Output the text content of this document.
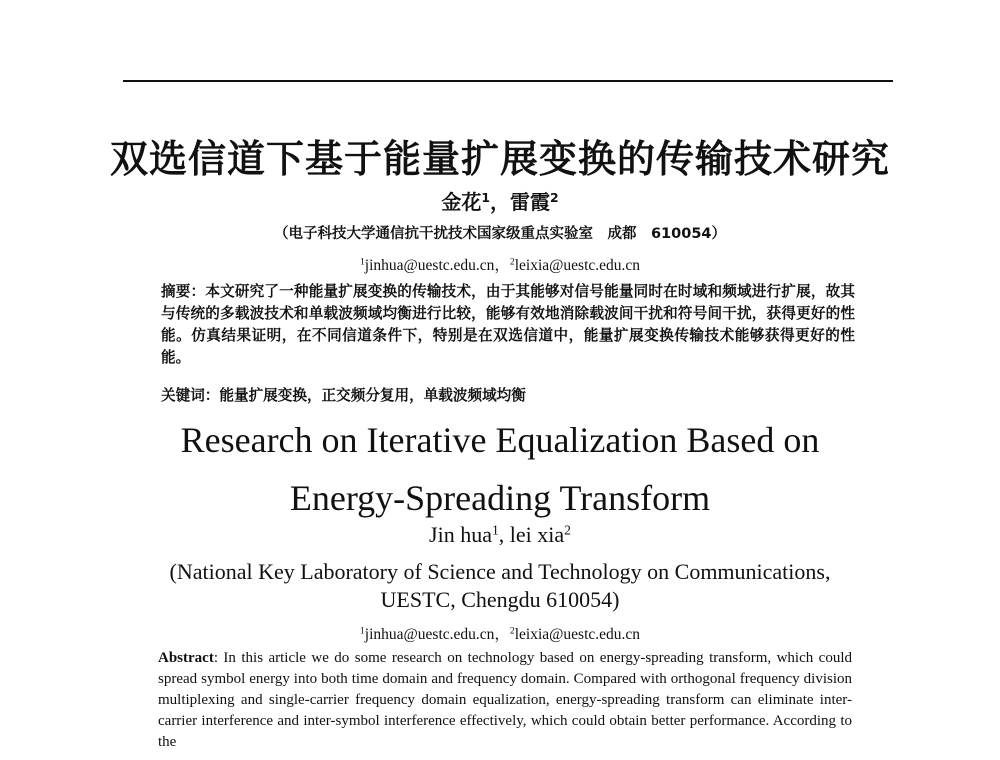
双选信道下基于能量扩展变换的传输技术研究
金花$^1$，雷霞$^2$
（电子科技大学通信抗干扰技术国家级重点实验室　成都　610054）
$^1$jinhua@uestc.edu.cn，$^2$leixia@uestc.edu.cn
摘要：本文研究了一种能量扩展变换的传输技术，由于其能够对信号能量同时在时域和频域进行扩展，故其与传统的多载波技术和单载波频域均衡进行比较，能够有效地消除载波间干扰和符号间干扰，获得更好的性能。仿真结果证明，在不同信道条件下，特别是在双选信道中，能量扩展变换传输技术能够获得更好的性能。
关键词：能量扩展变换，正交频分复用，单载波频域均衡
Research on Iterative Equalization Based on
Energy-Spreading Transform
Jin hua$^1$, lei xia$^2$
(National Key Laboratory of Science and Technology on Communications,
UESTC, Chengdu 610054)
$^1$jinhua@uestc.edu.cn，$^2$leixia@uestc.edu.cn
Abstract: In this article we do some research on technology based on energy-spreading transform, which could spread symbol energy into both time domain and frequency domain. Compared with orthogonal frequency division multiplexing and single-carrier frequency domain equalization, energy-spreading transform can eliminate inter-carrier interference and inter-symbol interference effectively, which could obtain better performance. According to the
